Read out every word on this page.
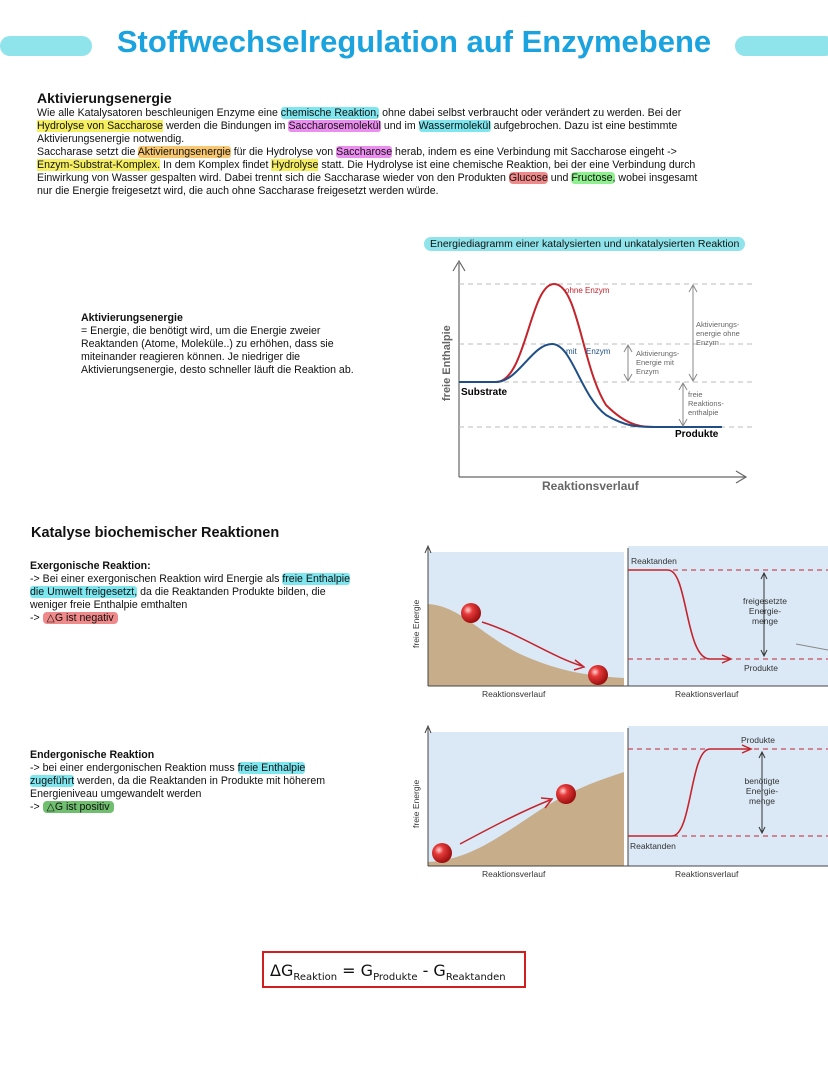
Stoffwechselregulation auf Enzymebene
Aktivierungsenergie
Wie alle Katalysatoren beschleunigen Enzyme eine chemische Reaktion, ohne dabei selbst verbraucht oder verändert zu werden. Bei der
Hydrolyse von Saccharose werden die Bindungen im Saccharosemolekül und im Wassermolekül aufgebrochen. Dazu ist eine bestimmte
Aktivierungsenergie notwendig.
Saccharase setzt die Aktivierungsenergie für die Hydrolyse von Saccharose herab, indem es eine Verbindung mit Saccharose eingeht ->
Enzym-Substrat-Komplex. In dem Komplex findet Hydrolyse statt. Die Hydrolyse ist eine chemische Reaktion, bei der eine Verbindung durch
Einwirkung von Wasser gespalten wird. Dabei trennt sich die Saccharase wieder von den Produkten Glucose und Fructose, wobei insgesamt
nur die Energie freigesetzt wird, die auch ohne Saccharase freigesetzt werden würde.
Aktivierungsenergie
= Energie, die benötigt wird, um die Energie zweier
Reaktanden (Atome, Moleküle..) zu erhöhen, dass sie
miteinander reagieren können. Je niedriger die
Aktivierungsenergie, desto schneller läuft die Reaktion ab.
Energiediagramm einer katalysierten und unkatalysierten Reaktion
freie Enthalpie
Reaktionsverlauf
ohne Enzym
mit Enzym
Substrate
Produkte
Aktivierungs-
energie ohne
Enzym
Aktivierungs-
Energie mit
Enzym
freie
Reaktions-
enthalpie
Katalyse biochemischer Reaktionen
Exergonische Reaktion:
-> Bei einer exergonischen Reaktion wird Energie als freie Enthalpie
die Umwelt freigesetzt, da die Reaktanden Produkte bilden, die
weniger freie Enthalpie emthalten
-> △G ist negativ
Endergonische Reaktion
-> bei einer endergonischen Reaktion muss freie Enthalpie
zugeführt werden, da die Reaktanden in Produkte mit höherem
Energieniveau umgewandelt werden
-> △G ist positiv
freie Energie
Reaktionsverlauf
Reaktanden
freigesetzte
Energie-
menge
Produkte
Reaktionsverlauf
freie Energie
Reaktionsverlauf
Produkte
benötigte
Energie-
menge
Reaktanden
Reaktionsverlauf
$\Delta G_{Reaktion} = G_{Produkte} - G_{Reaktanden}$
